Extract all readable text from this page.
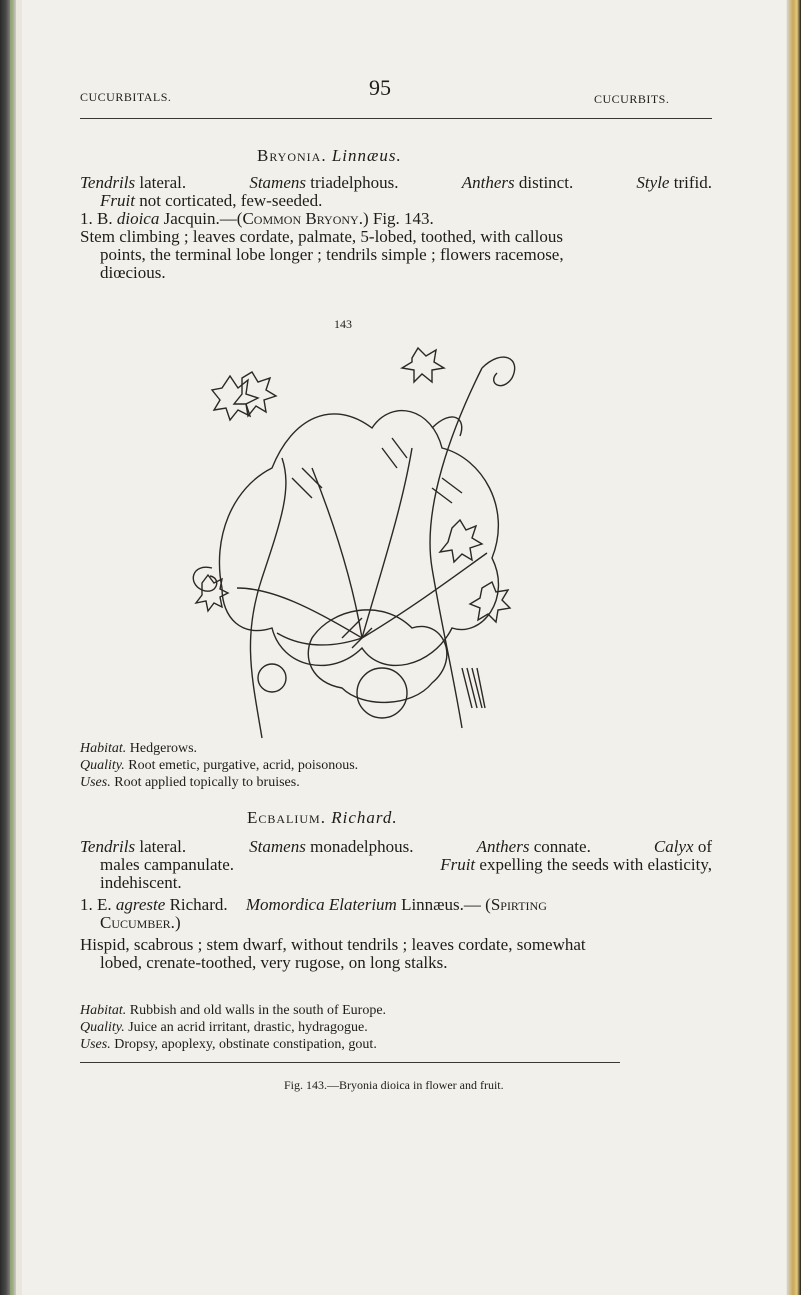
CUCURBITALS.	95	CUCURBITS.
Bryonia. Linnæus.
Tendrils lateral.	Stamens triadelphous.	Anthers distinct.	Style trifid.
Fruit not corticated, few-seeded.
1. B. dioica Jacquin.—(Common Bryony.) Fig. 143.
Stem climbing ; leaves cordate, palmate, 5-lobed, toothed, with callous
points, the terminal lobe longer ; tendrils simple ; flowers racemose,
diœcious.
143
Habitat. Hedgerows.
Quality. Root emetic, purgative, acrid, poisonous.
Uses. Root applied topically to bruises.
Ecbalium. Richard.
Tendrils lateral.	Stamens monadelphous.	Anthers connate.	Calyx of
males campanulate.	Fruit expelling the seeds with elasticity,
indehiscent.
1. E. agreste Richard. Momordica Elaterium Linnæus.— (Spirting
Cucumber.)
Hispid, scabrous ; stem dwarf, without tendrils ; leaves cordate, somewhat
lobed, crenate-toothed, very rugose, on long stalks.
Habitat. Rubbish and old walls in the south of Europe.
Quality. Juice an acrid irritant, drastic, hydragogue.
Uses. Dropsy, apoplexy, obstinate constipation, gout.
Fig. 143.—Bryonia dioica in flower and fruit.
